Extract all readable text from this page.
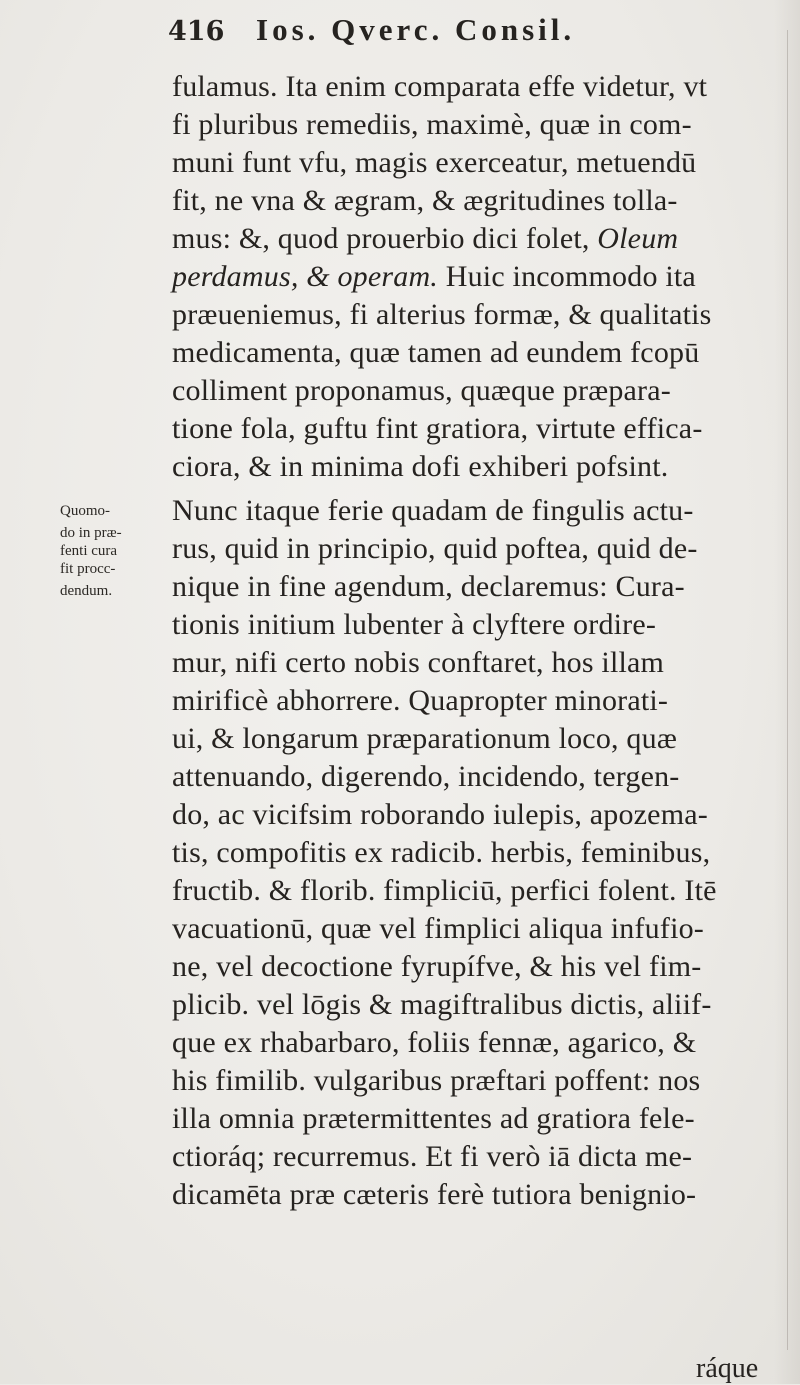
416 Ios. Qverc. Consil.
Quomo-
do in præ-
fenti cura
fit procc-
dendum.
fulamus. Ita enim comparata effe videtur, vt
fi pluribus remediis, maximè, quæ in com-
muni funt vfu, magis exerceatur, metuendū
fit, ne vna & ægram, & ægritudines tolla-
mus: &, quod prouerbio dici folet, Oleum
perdamus, & operam. Huic incommodo ita
præueniemus, fi alterius formæ, & qualitatis
medicamenta, quæ tamen ad eundem fcopū
colliment proponamus, quæque præpara-
tione fola, guftu fint gratiora, virtute effica-
ciora, & in minima dofi exhiberi pofsint.
Nunc itaque ferie quadam de fingulis actu-
rus, quid in principio, quid poftea, quid de-
nique in fine agendum, declaremus: Cura-
tionis initium lubenter à clyftere ordire-
mur, nifi certo nobis conftaret, hos illam
mirificè abhorrere. Quapropter minorati-
ui, & longarum præparationum loco, quæ
attenuando, digerendo, incidendo, tergen-
do, ac vicifsim roborando iulepis, apozema-
tis, compofitis ex radicib. herbis, feminibus,
fructib. & florib. fimpliciū, perfici folent. Itē
vacuationū, quæ vel fimplici aliqua infufio-
ne, vel decoctione fyrupífve, & his vel fim-
plicib. vel lōgis & magiftralibus dictis, aliif-
que ex rhabarbaro, foliis fennæ, agarico, &
his fimilib. vulgaribus præftari poffent: nos
illa omnia prætermittentes ad gratiora fele-
ctioráq; recurremus. Et fi verò iā dicta me-
dicamēta præ cæteris ferè tutiora benignio-
ráque
